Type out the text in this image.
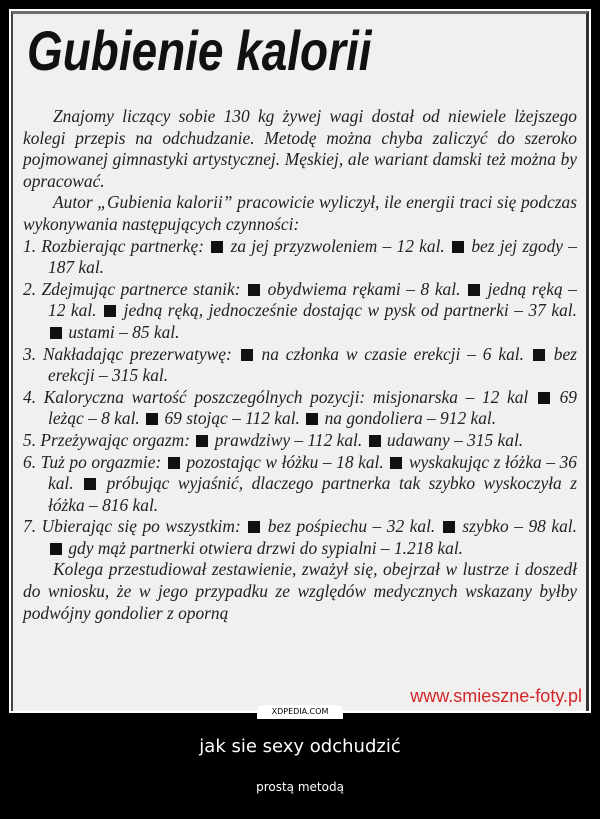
Gubienie kalorii

Znajomy liczący sobie 130 kg żywej wagi dostał od niewiele lżejszego kolegi przepis na odchudzanie. Metodę można chyba zaliczyć do szeroko pojmowanej gimnastyki artystycznej. Męskiej, ale wariant damski też można by opracować.

Autor „Gubienia kalorii” pracowicie wyliczył, ile energii traci się podczas wykonywania następujących czynności:

1. Rozbierając partnerkę: za jej przyzwoleniem – 12 kal. bez jej zgody – 187 kal.
2. Zdejmując partnerce stanik: obydwiema rękami – 8 kal. jedną ręką – 12 kal. jedną ręką, jednocześnie dostając w pysk od partnerki – 37 kal.  ustami – 85 kal.
3. Nakładając prezerwatywę: na członka w czasie erekcji – 6 kal. bez erekcji – 315 kal.
4. Kaloryczna wartość poszczególnych pozycji: misjonarska – 12 kal 69 leżąc – 8 kal. 69 stojąc – 112 kal. na gondoliera – 912 kal.
5. Przeżywając orgazm: prawdziwy – 112 kal. udawany – 315 kal.
6. Tuż po orgazmie: pozostając w łóżku – 18 kal. wyskakując z łóżka – 36 kal. próbując wyjaśnić, dlaczego partnerka tak szybko wyskoczyła z łóżka – 816 kal.
7. Ubierając się po wszystkim: bez pośpiechu – 32 kal. szybko – 98 kal.  gdy mąż partnerki otwiera drzwi do sypialni – 1.218 kal.

Kolega przestudiował zestawienie, zważył się, obejrzał w lustrze i doszedł do wniosku, że w jego przypadku ze względów medycznych wskazany byłby podwójny gondolier z oporną

www.smieszne-foty.pl
XDPEDIA.COM
jak sie sexy odchudzić
prostą metodą
